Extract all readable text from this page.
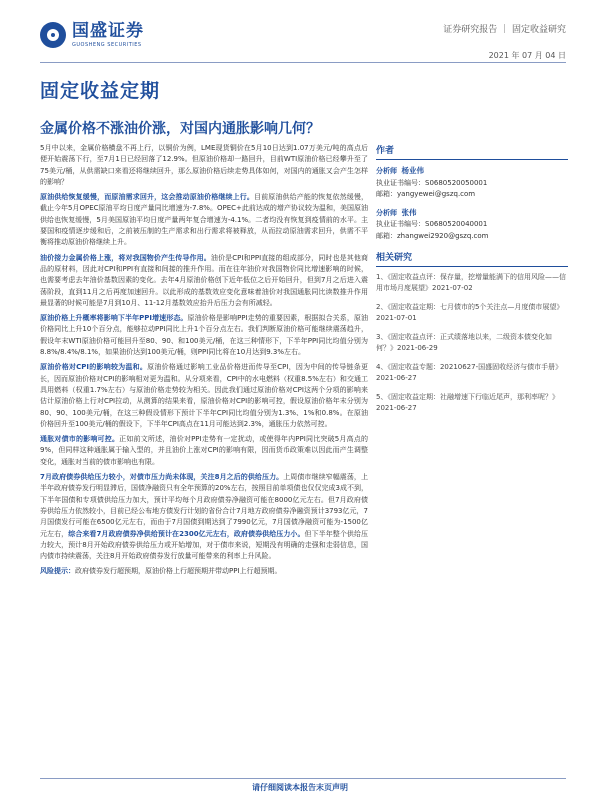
国盛证券
GUOSHENG SECURITIES
证券研究报告 ｜ 固定收益研究
2021 年 07 月 04 日
固定收益定期
金属价格不涨油价涨，对国内通胀影响几何？

5月中以来，金属价格横盘不再上行，以铜价为例，LME现货铜价在5月10日达到1.07万美元/吨的高点后便开始震荡下行，至7月1日已经回落了12.9%。但原油价格却一路回升，目前WTI原油价格已经攀升至了75美元/桶，从供需缺口来看还将继续回升，那么原油价格后续走势具体如何，对国内的通胀又会产生怎样的影响？

原油供给恢复缓慢，而原油需求回升，这会推动原油价格继续上行。目前原油供给产能的恢复依然缓慢，截止今年5月OPEC原油平均日度产量同比增速为-7.8%。OPEC+此前达成的增产协议较为温和，美国原油供给也恢复缓慢，5月美国原油平均日度产量两年复合增速为-4.1%。二者均没有恢复到疫情前的水平。主要国和疫情逐步缓和后，之前被压制的生产需求和出行需求将被释放，从而拉动原油需求回升，供需不平衡将推动原油价格继续上升。

油价接力金属价格上涨，将对我国物价产生传导作用。油价是CPI和PPI直接的组成部分，同时也是其他商品的原材料，因此对CPI和PPI有直接和间接的推升作用。而在往年油价对我国物价同比增速影响的时候，也需要考虑去年油价基数因素的变化。去年4月原油价格创下近年低位之后开始回升，但到7月之后进入震荡阶段，直到11月之后再度加速回升。以此形成的基数效应变化意味着油价对我国通胀同比读数推升作用最显著的时候可能是7月到10月、11-12月基数效应抬升后压力会有所减轻。

原油价格上升概率将影响下半年PPI增速形态。原油价格是影响PPI走势的重要因素，根据拟合关系，原油价格同比上升10个百分点，能够拉动PPI同比上升1个百分点左右。我们判断原油价格可能继续震荡趋升，假设年末WTI原油价格可能回升至80、90、和100美元/桶，在这三种情形下，下半年PPI同比均值分别为8.8%/8.4%/8.1%，如果油价达到100美元/桶，则PPI同比将在10月达到9.3%左右。

原油价格对CPI的影响较为温和。原油价格通过影响工业品价格进而传导至CPI，因为中间的传导链条更长，因而原油价格对CPI的影响相对更为温和。从分项来看，CPI中的水电燃料（权重8.5%左右）和交通工具用燃料（权重1.7%左右）与原油价格走势较为相关。因此我们通过原油价格对CPI这两个分项的影响来估计原油价格上行对CPI拉动，从测算的结果来看，原油价格对CPI的影响可控，假设原油价格年末分别为80、90、100美元/桶，在这三种假设情形下预计下半年CPI同比均值分别为1.3%、1%和0.8%。在原油价格回升至100美元/桶的假设下，下半年CPI高点在11月可能达到2.3%，通胀压力依然可控。

通胀对债市的影响可控。正如前文所述，油价对PPI走势有一定扰动，或使得年内PPI同比突破5月高点的9%，但同样这种通胀属于输入型的，并且油价上涨对CPI的影响有限，因而货币政策难以因此而产生调整变化，通胀对当前的债市影响也有限。

7月政府债券供给压力较小，对债市压力尚未体现，关注8月之后的供给压力。上周债市继续窄幅震荡，上半年政府债券发行明显滞后，国债净融资只有全年预算的20%左右，按照目前单项债也仅仅完成3成不到，下半年国债和专项债供给压力加大，预计平均每个月政府债券净融资可能在8000亿元左右。但7月政府债券供给压力依然较小，目前已经公布地方债发行计划的省份合计7月地方政府债券净融资预计3793亿元，7月国债发行可能在6500亿元左右，而由于7月国债到期达到了7990亿元，7月国债净融资可能为-1500亿元左右，综合来看7月政府债券净供给预计在2300亿元左右，政府债券供给压力小。但下半年整个供给压力较大，预计8月开始政府债券供给压力或开始增加，对于债市来说，短期没有明确的走强和走弱信息，国内债市持续震荡，关注8月开始政府债券发行放量可能带来的利率上升风险。

风险提示：政府债券发行超预期，原油价格上行超预期并带动PPI上行超预期。

作者
分析师 杨业伟
执业证书编号：S0680520050001
邮箱：yangyewei@gszq.com
分析师 张伟
执业证书编号：S0680520040001
邮箱：zhangwei2920@gszq.com
相关研究
1、《固定收益点评：保存量，挖增量能满下的信用风险——信用市场月度展望》2021-07-02
2、《固定收益定期：七月债市的5个关注点—月度债市展望》2021-07-01
3、《固定收益点评：正式绩落地以来，二级资本债变化如何？》2021-06-29
4、《固定收益专题：20210627-国盛固收经济与债市手册》2021-06-27
5、《固定收益定期：社融增速下行临近尾声，那利率呢？》2021-06-27
请仔细阅读本报告末页声明
